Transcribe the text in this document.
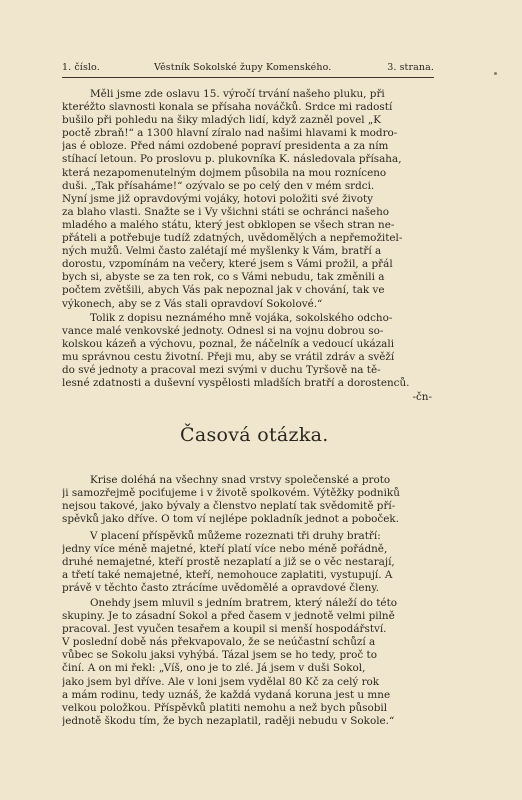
1. číslo.	Věstník Sokolské župy Komenského.	3. strana.
Měli jsme zde oslavu 15. výročí trvání našeho pluku, při
kteréžto slavnosti konala se přísaha nováčků. Srdce mi radostí
bušilo při pohledu na šiky mladých lidí, když zazněl povel „K
poctě zbraň!“ a 1300 hlavní zíralo nad našimi hlavami k modro-
jas é obloze. Před námi ozdobené popraví presidenta a za ním
stíhací letoun. Po proslovu p. plukovníka K. následovala přísaha,
která nezapomenutelným dojmem působila na mou rozníceno
duši. „Tak přísaháme!“ ozývalo se po celý den v mém srdci.
Nyní jsme již opravdovými vojáky, hotovi položiti své životy
za blaho vlasti. Snažte se i Vy všichni státi se ochránci našeho
mladého a malého státu, který jest obklopen se všech stran ne-
přáteli a potřebuje tudíž zdatných, uvědomělých a nepřemožitel-
ných mužů. Velmi často zalétají mé myšlenky k Vám, bratří a
dorostu, vzpomínám na večery, které jsem s Vámi prožil, a přál
bych si, abyste se za ten rok, co s Vámi nebudu, tak změnili a
počtem zvětšili, abych Vás pak nepoznal jak v chování, tak ve
výkonech, aby se z Vás stali opravdoví Sokolové.“
Tolik z dopisu neznámého mně vojáka, sokolského odcho-
vance malé venkovské jednoty. Odnesl si na vojnu dobrou so-
kolskou kázeň a výchovu, poznal, že náčelník a vedoucí ukázali
mu správnou cestu životní. Přeji mu, aby se vrátil zdráv a svěží
do své jednoty a pracoval mezi svými v duchu Tyršově na tě-
lesné zdatnosti a duševní vyspělosti mladších bratří a dorostenců.
-čn-
Časová otázka.
Krise doléhá na všechny snad vrstvy společenské a proto
ji samozřejmě pociťujeme i v životě spolkovém. Výtěžky podniků
nejsou takové, jako bývaly a členstvo neplatí tak svědomitě pří-
spěvků jako dříve. O tom ví nejlépe pokladník jednot a poboček.
V placení příspěvků můžeme rozeznati tři druhy bratří:
jedny více méně majetné, kteří platí více nebo méně pořádně,
druhé nemajetné, kteří prostě nezaplatí a již se o věc nestarají,
a třetí také nemajetné, kteří, nemohouce zaplatiti, vystupují. A
právě v těchto často ztrácíme uvědomělé a opravdové členy.
Onehdy jsem mluvil s jedním bratrem, který náleží do této
skupiny. Je to zásadní Sokol a před časem v jednotě velmi pilně
pracoval. Jest vyučen tesařem a koupil si menší hospodářství.
V poslední době nás překvapovalo, že se neúčastní schůzí a
vůbec se Sokolu jaksi vyhýbá. Tázal jsem se ho tedy, proč to
činí. A on mi řekl: „Víš, ono je to zlé. Já jsem v duši Sokol,
jako jsem byl dříve. Ale v loni jsem vydělal 80 Kč za celý rok
a mám rodinu, tedy uznáš, že každá vydaná koruna jest u mne
velkou položkou. Příspěvků platiti nemohu a než bych působil
jednotě škodu tím, že bych nezaplatil, raději nebudu v Sokole.“
